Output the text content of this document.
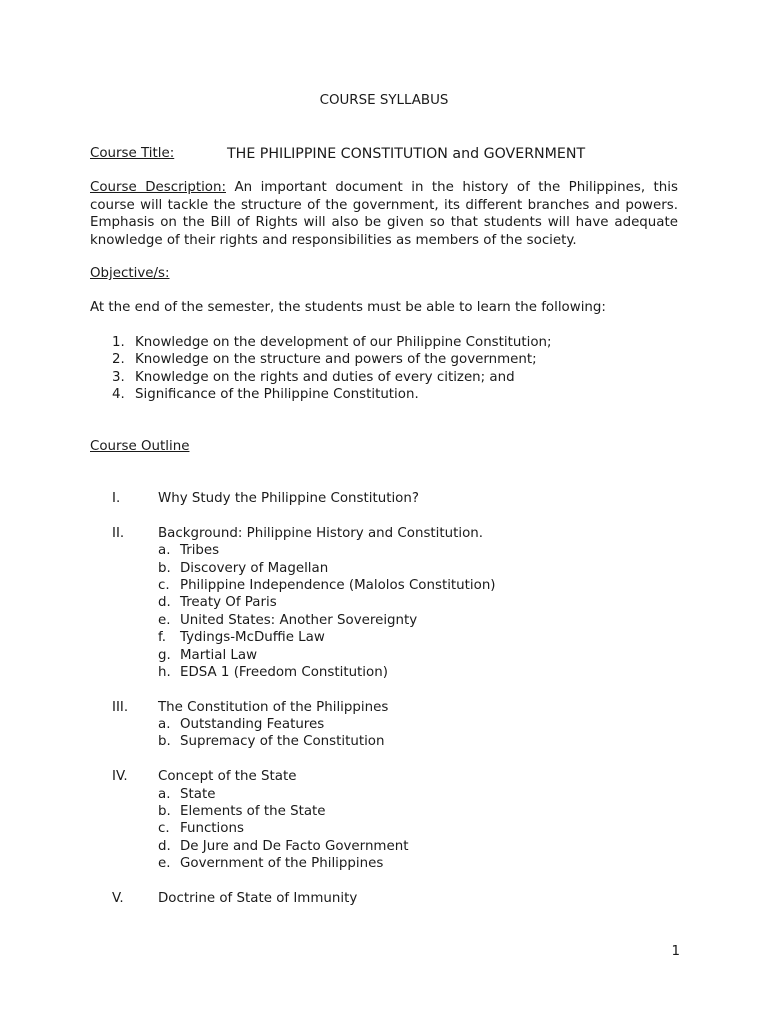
COURSE SYLLABUS
Course Title:	THE PHILIPPINE CONSTITUTION and GOVERNMENT
Course Description: An important document in the history of the Philippines, this course will tackle the structure of the government, its different branches and powers. Emphasis on the Bill of Rights will also be given so that students will have adequate knowledge of their rights and responsibilities as members of the society.
Objective/s:
At the end of the semester, the students must be able to learn the following:
1. Knowledge on the development of our Philippine Constitution;
2. Knowledge on the structure and powers of the government;
3. Knowledge on the rights and duties of every citizen; and
4. Significance of the Philippine Constitution.
Course Outline
I.	Why Study the Philippine Constitution?
II.	Background: Philippine History and Constitution.
a. Tribes
b. Discovery of Magellan
c. Philippine Independence (Malolos Constitution)
d. Treaty Of Paris
e. United States: Another Sovereignty
f. Tydings-McDuffie Law
g. Martial Law
h. EDSA 1 (Freedom Constitution)
III. The Constitution of the Philippines
a. Outstanding Features
b. Supremacy of the Constitution
IV. Concept of the State
a. State
b. Elements of the State
c. Functions
d. De Jure and De Facto Government
e. Government of the Philippines
V.	Doctrine of State of Immunity
1
